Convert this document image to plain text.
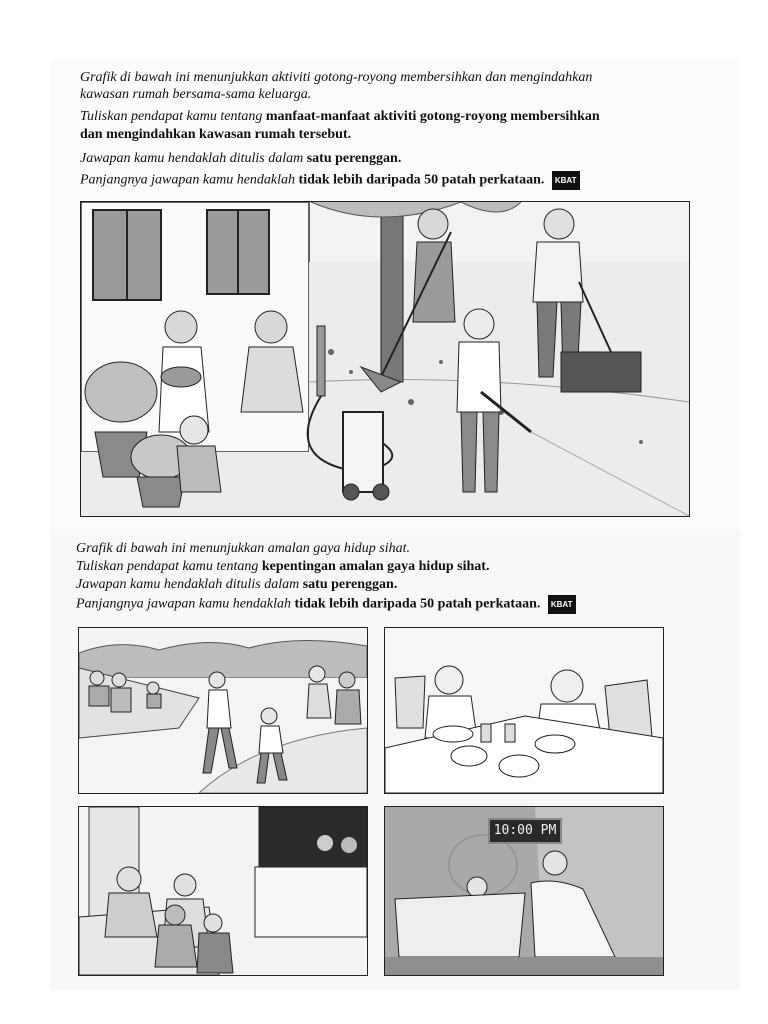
Grafik di bawah ini menunjukkan aktiviti gotong-royong membersihkan dan mengindahkan
kawasan rumah bersama-sama keluarga.
Tuliskan pendapat kamu tentang manfaat-manfaat aktiviti gotong-royong membersihkan
dan mengindahkan kawasan rumah tersebut.
Jawapan kamu hendaklah ditulis dalam satu perenggan.
Panjangnya jawapan kamu hendaklah tidak lebih daripada 50 patah perkataan. KBAT
Grafik di bawah ini menunjukkan amalan gaya hidup sihat.
Tuliskan pendapat kamu tentang kepentingan amalan gaya hidup sihat.
Jawapan kamu hendaklah ditulis dalam satu perenggan.
Panjangnya jawapan kamu hendaklah tidak lebih daripada 50 patah perkataan. KBAT
10:00 PM
